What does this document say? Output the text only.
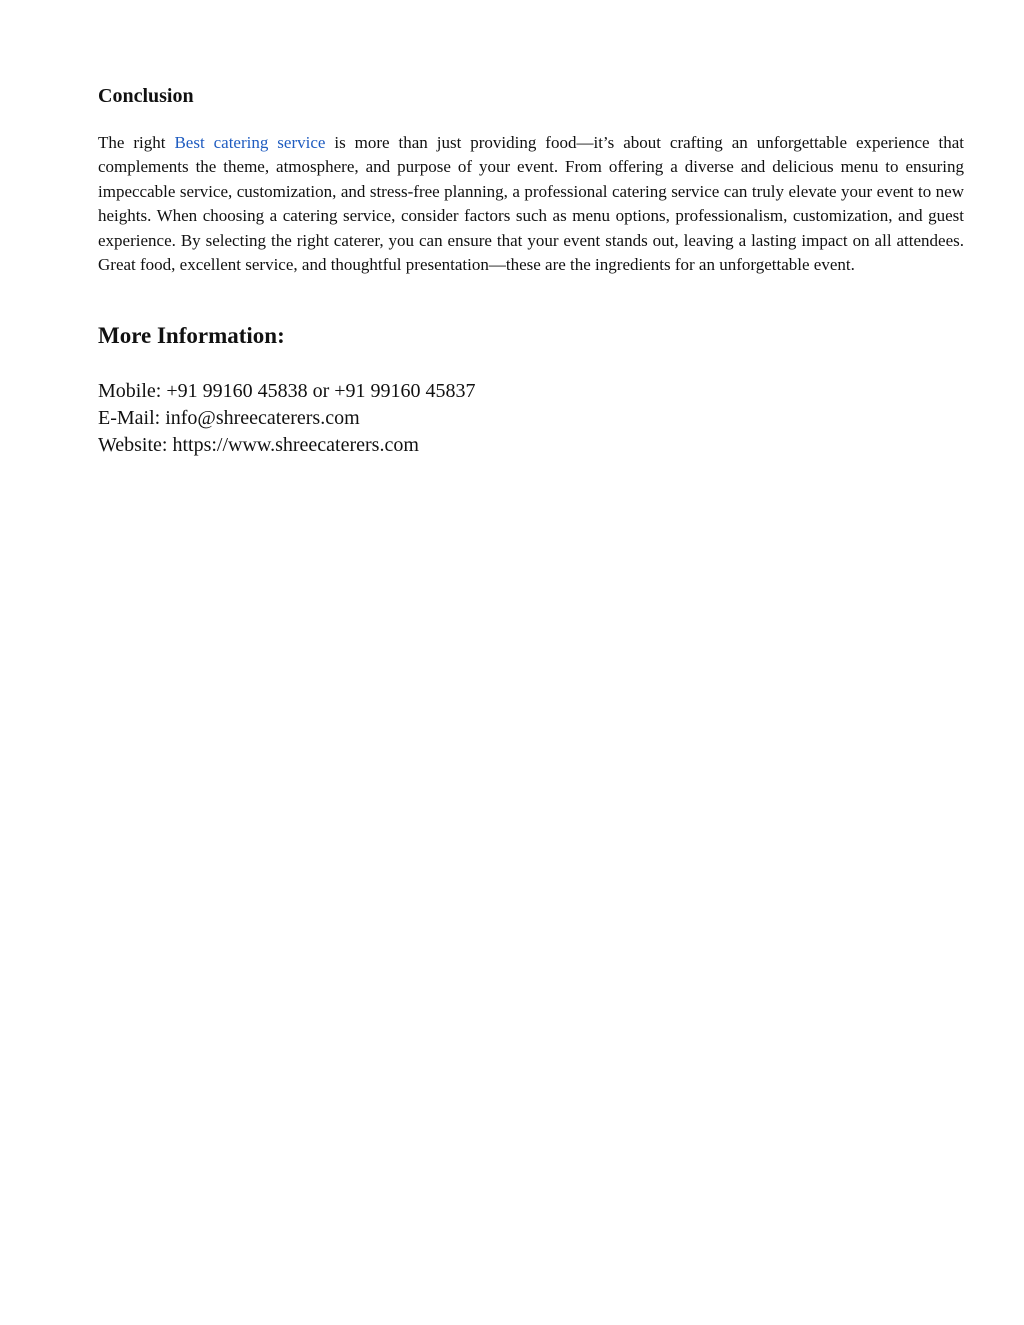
Conclusion

The right Best catering service is more than just providing food—it’s about crafting an unforgettable experience that complements the theme, atmosphere, and purpose of your event. From offering a diverse and delicious menu to ensuring impeccable service, customization, and stress-free planning, a professional catering service can truly elevate your event to new heights. When choosing a catering service, consider factors such as menu options, professionalism, customization, and guest experience. By selecting the right caterer, you can ensure that your event stands out, leaving a lasting impact on all attendees. Great food, excellent service, and thoughtful presentation—these are the ingredients for an unforgettable event.

More Information:
Mobile: +91 99160 45838 or +91 99160 45837
E-Mail: info@shreecaterers.com
Website: https://www.shreecaterers.com
